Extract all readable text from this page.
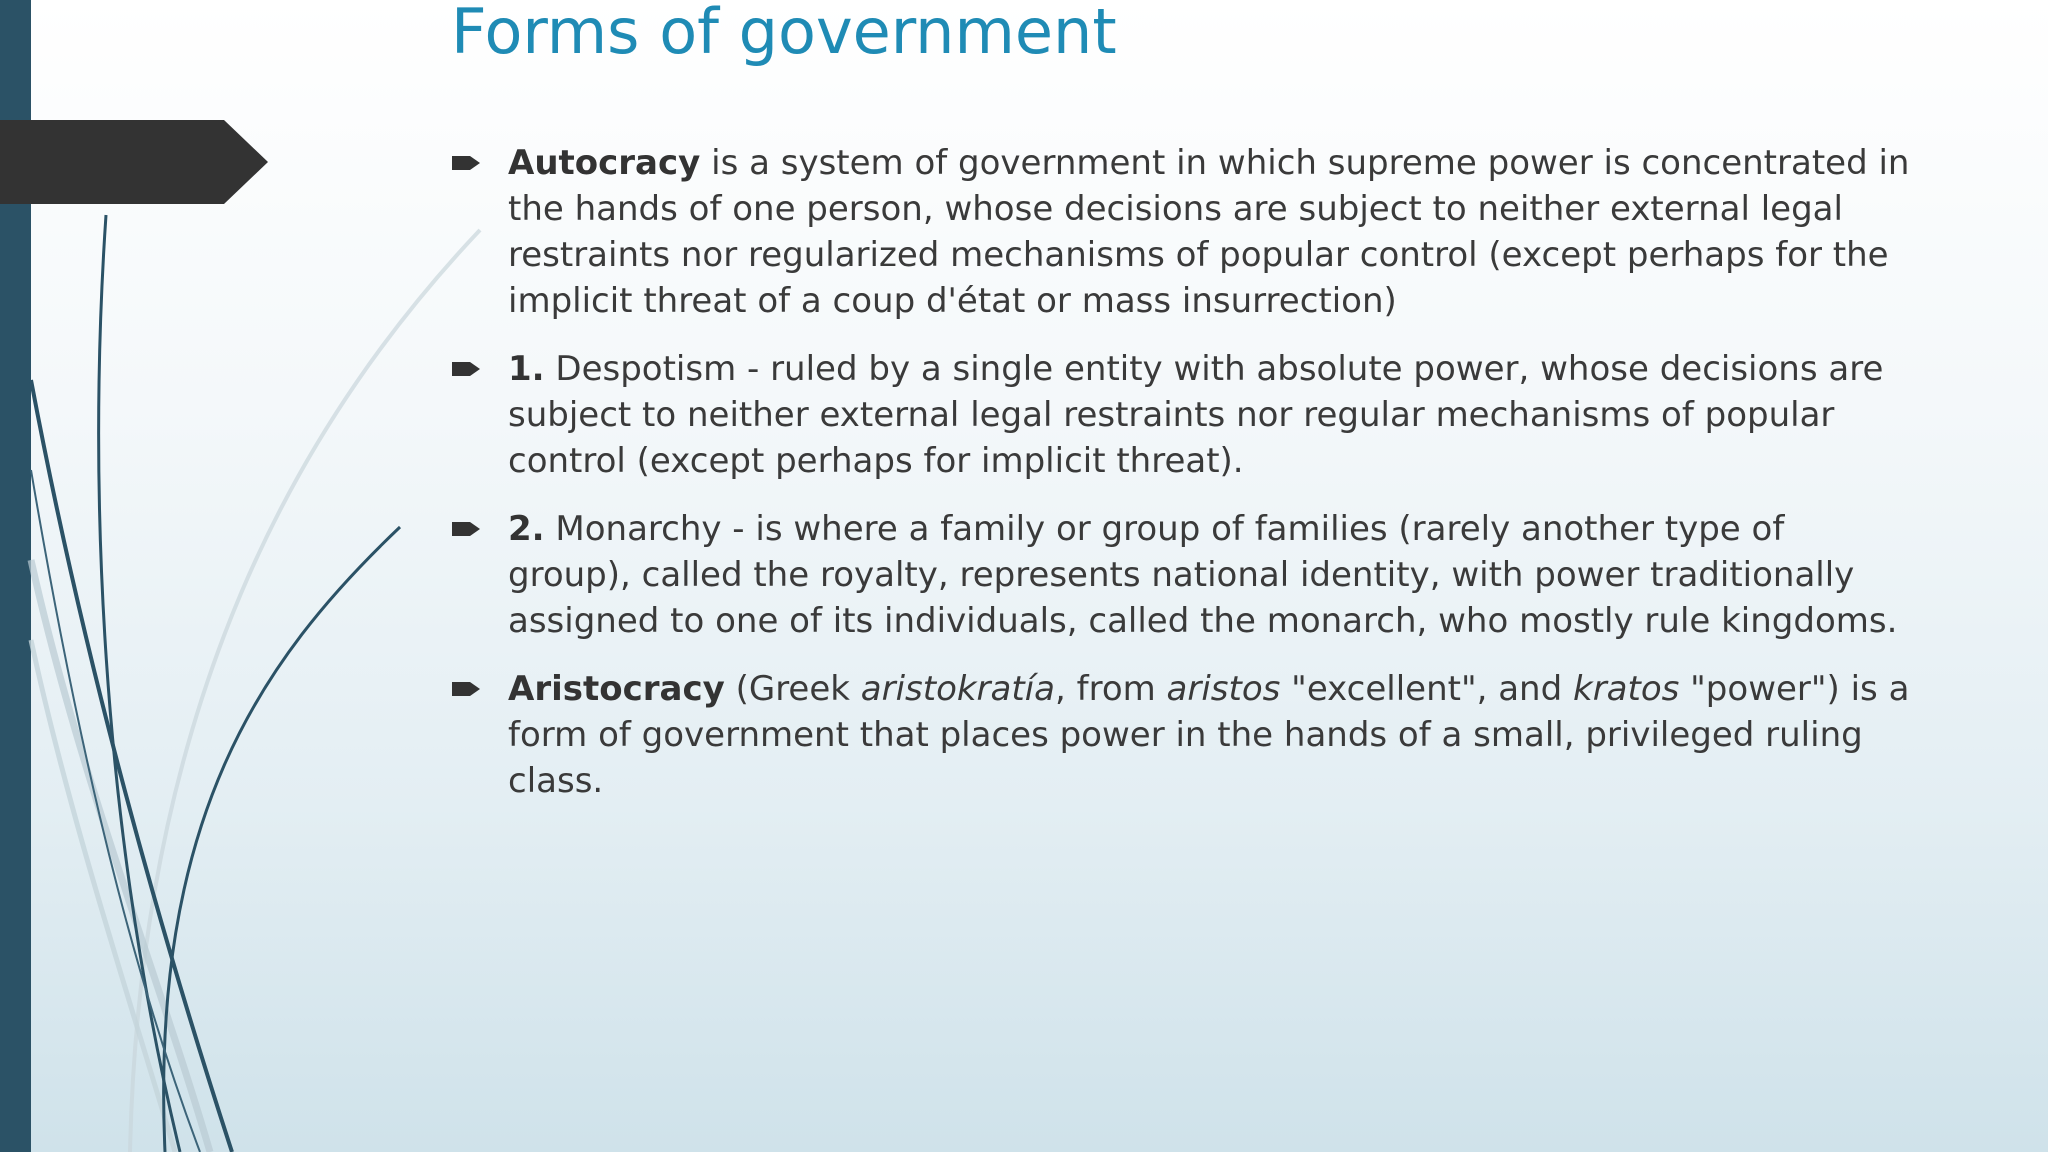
Forms of government
Autocracy is a system of government in which supreme power is concentrated in the hands of one person, whose decisions are subject to neither external legal restraints nor regularized mechanisms of popular control (except perhaps for the implicit threat of a coup d'état or mass insurrection)
1. Despotism - ruled by a single entity with absolute power, whose decisions are subject to neither external legal restraints nor regular mechanisms of popular control (except perhaps for implicit threat).
2. Monarchy - is where a family or group of families (rarely another type of group), called the royalty, represents national identity, with power traditionally assigned to one of its individuals, called the monarch, who mostly rule kingdoms.
Aristocracy (Greek aristokratía, from aristos "excellent", and kratos "power") is a form of government that places power in the hands of a small, privileged ruling class.
